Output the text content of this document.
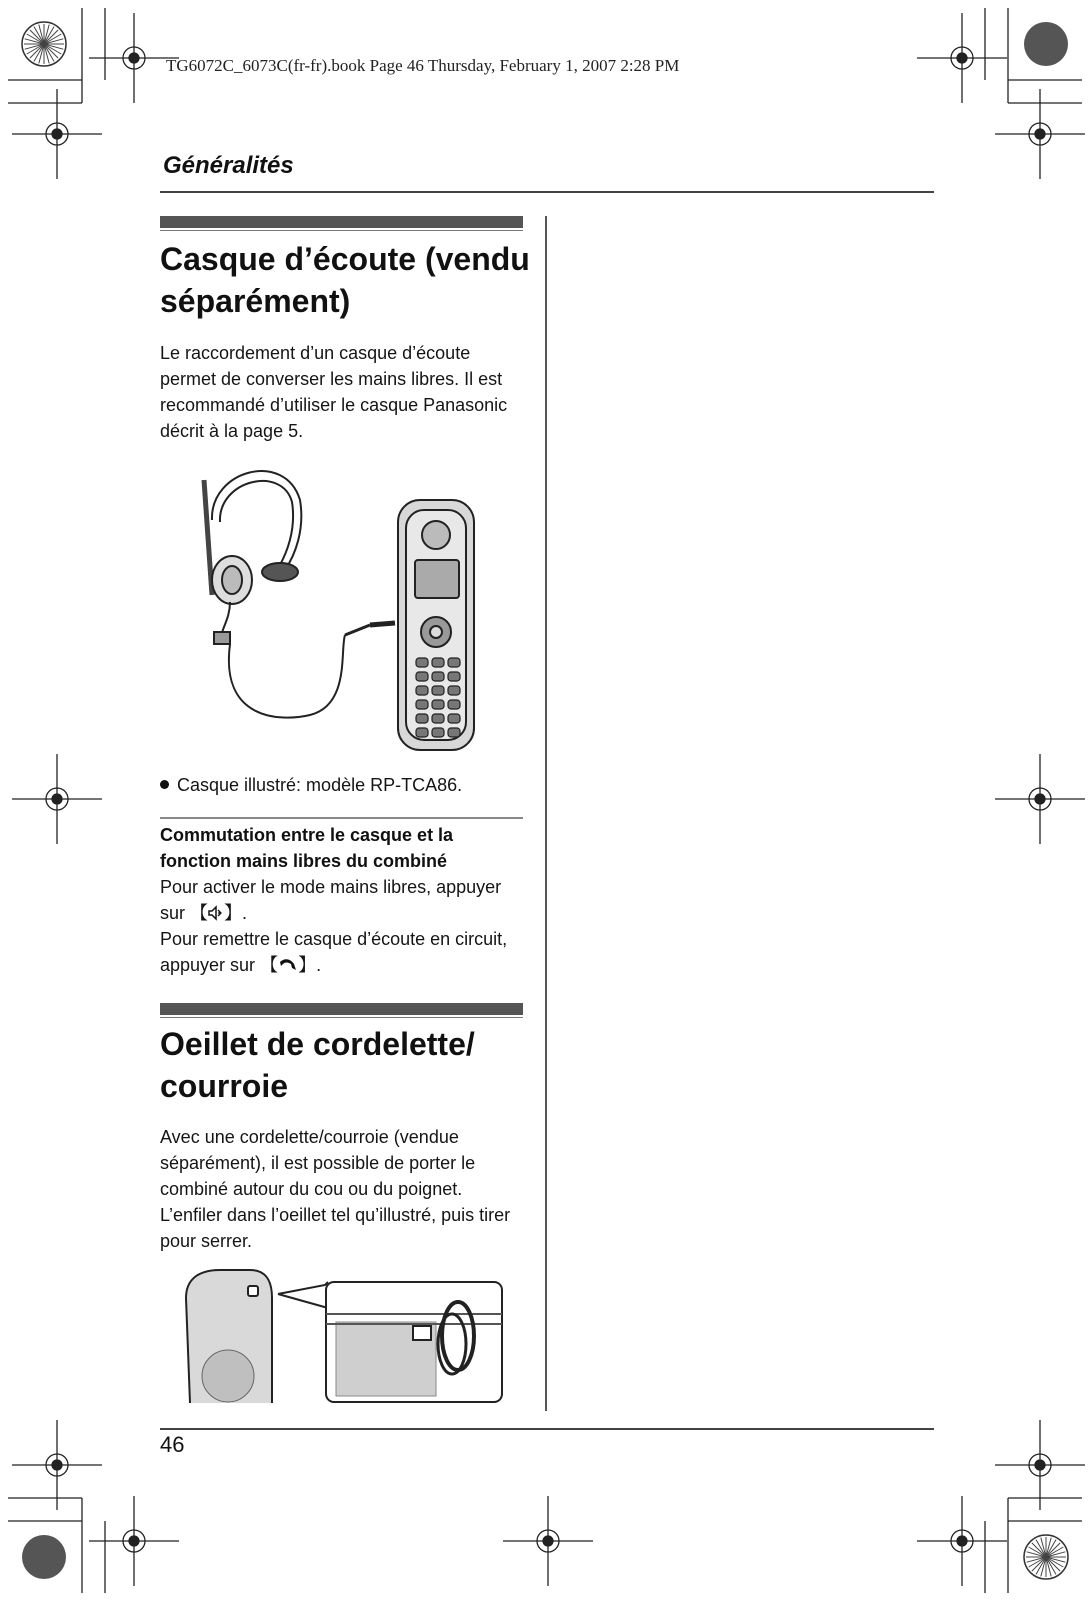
TG6072C_6073C(fr-fr).book Page 46 Thursday, February 1, 2007 2:28 PM
Généralités
Casque d’écoute (vendu
séparément)

Le raccordement d’un casque d’écoute

permet de converser les mains libres. Il est

recommandé d’utiliser le casque Panasonic

décrit à la page 5.

Casque illustré: modèle RP-TCA86.
Commutation entre le casque et la
fonction mains libres du combiné
Pour activer le mode mains libres, appuyer
sur 【 】.
Pour remettre le casque d’écoute en circuit,
appuyer sur 【 】.
Oeillet de cordelette/
courroie

Avec une cordelette/courroie (vendue

séparément), il est possible de porter le

combiné autour du cou ou du poignet.

L’enfiler dans l’oeillet tel qu’illustré, puis tirer

pour serrer.

46
